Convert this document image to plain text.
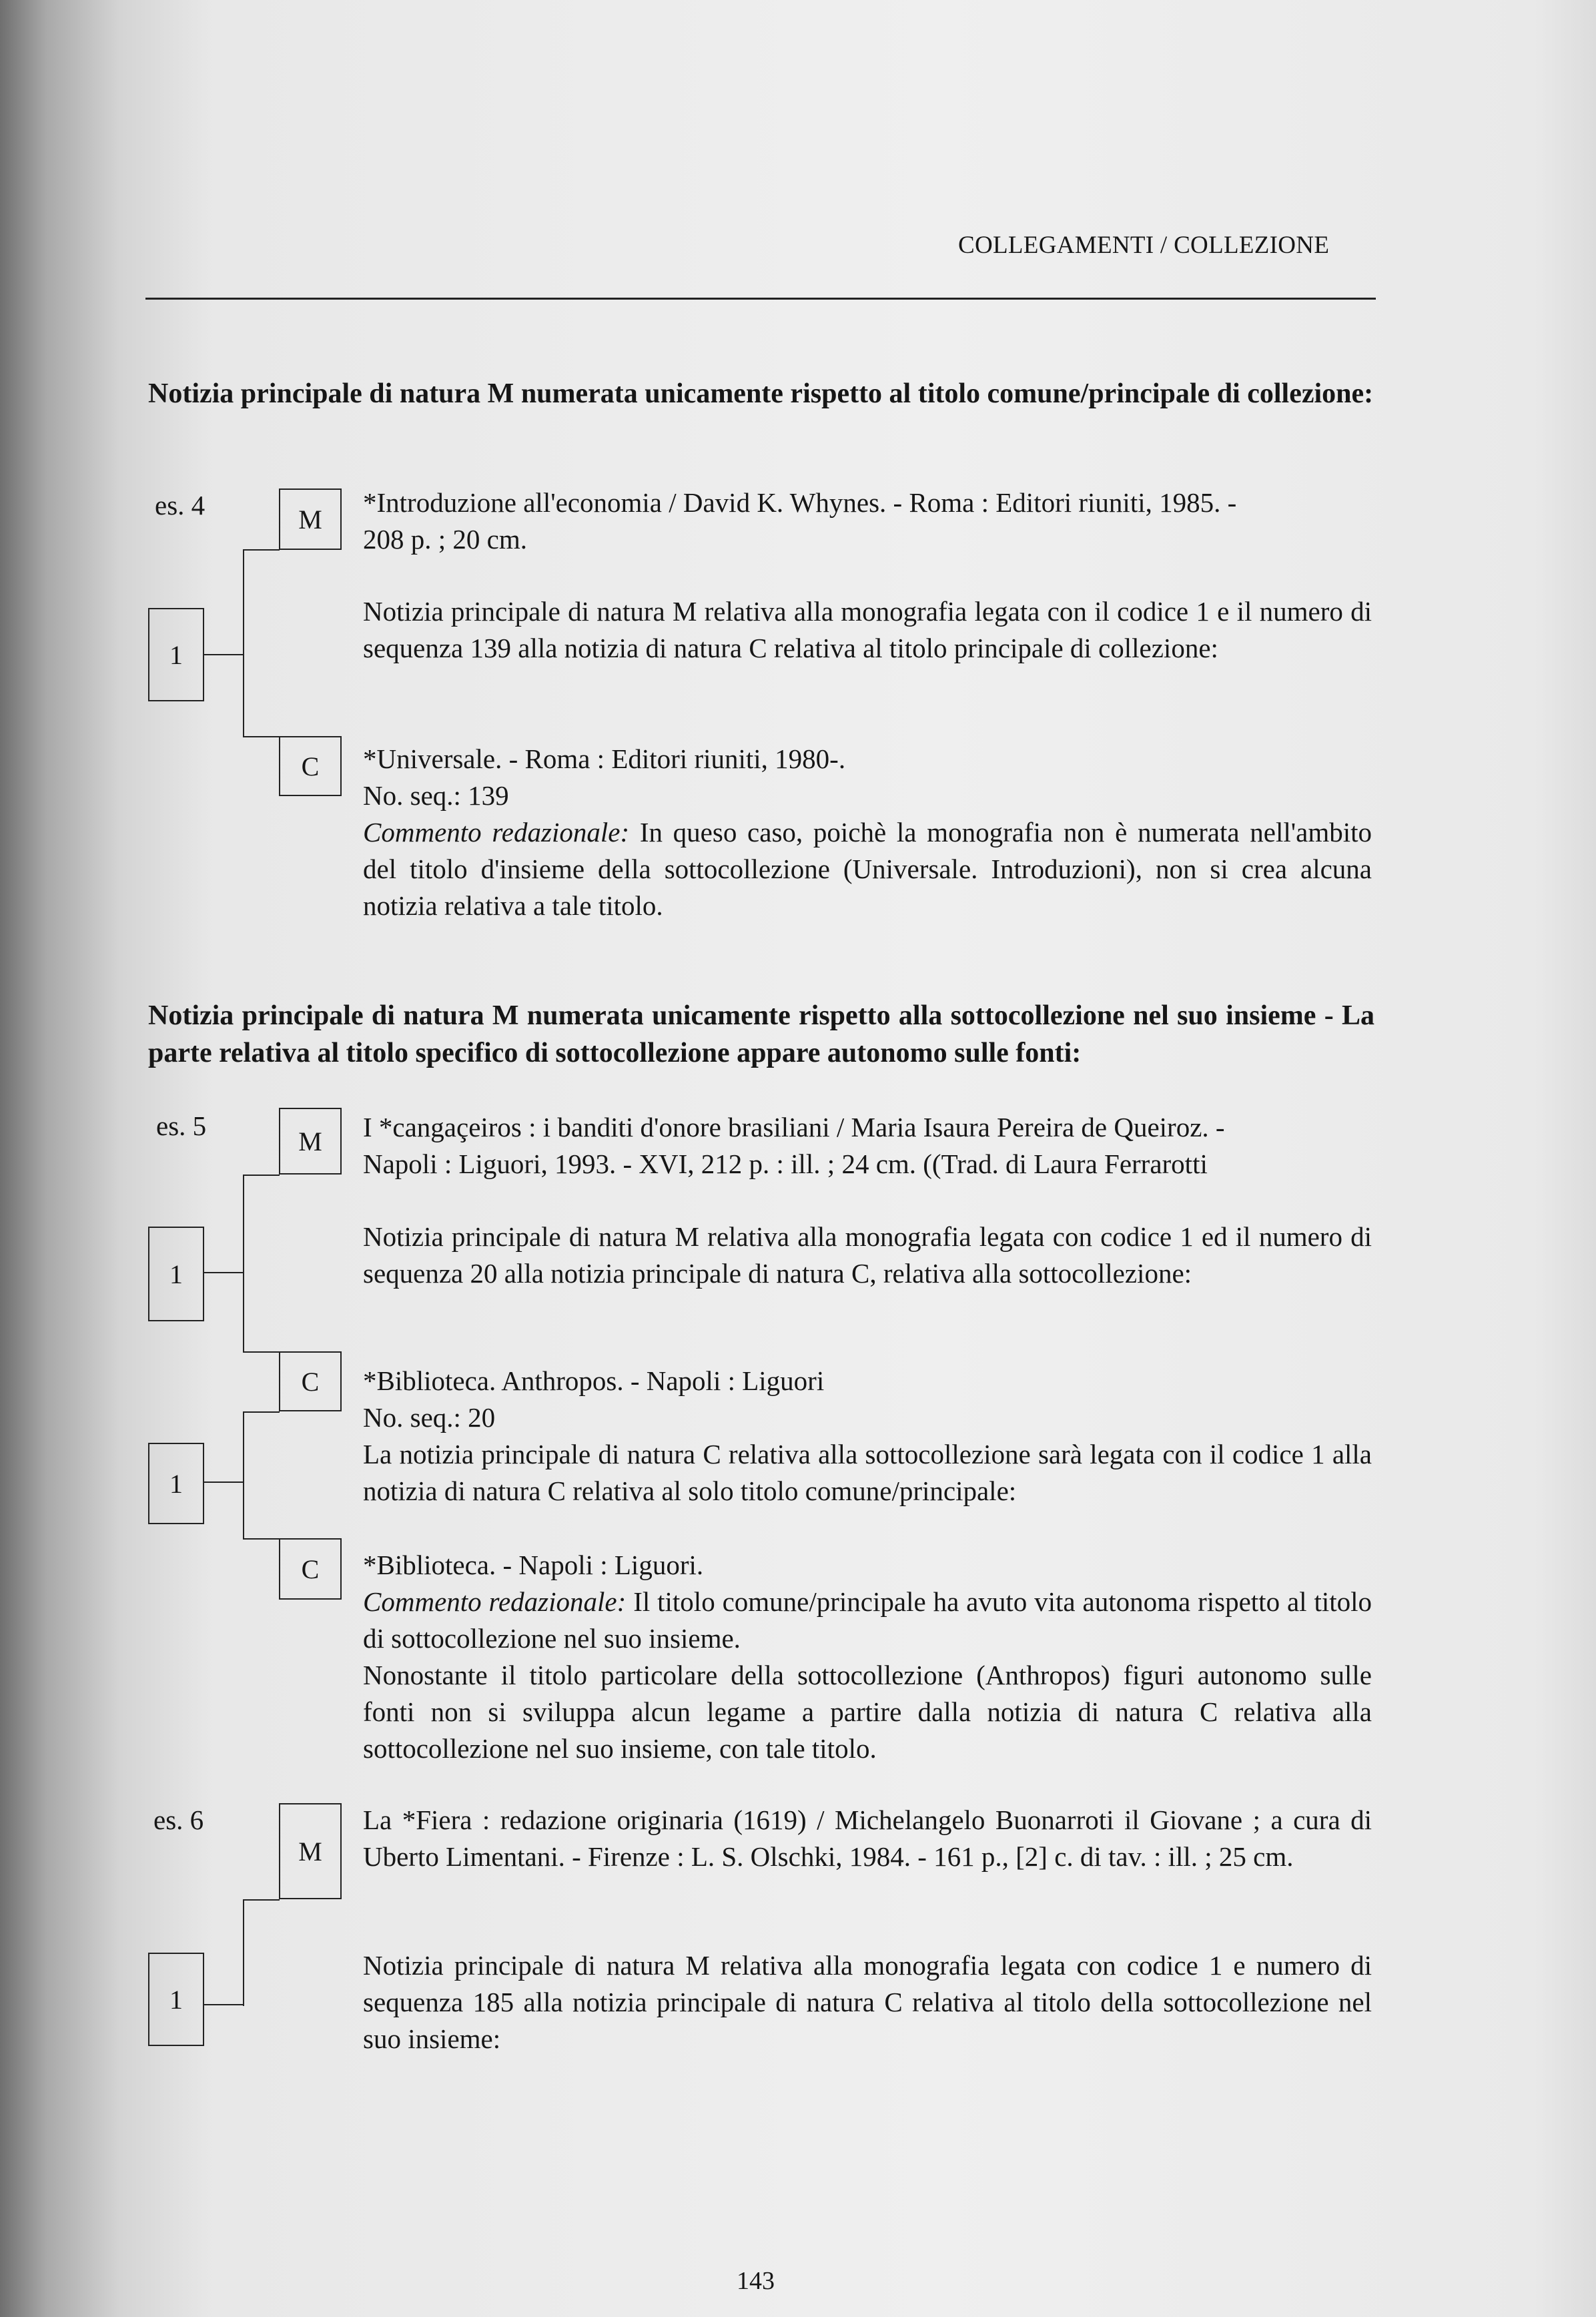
COLLEGAMENTI / COLLEZIONE
Notizia principale di natura M numerata unicamente rispetto al titolo comune/principale di collezione:
es. 4	M
1
C
*Introduzione all'economia / David K. Whynes. - Roma : Editori riuniti, 1985. -
208 p. ; 20 cm.
Notizia principale di natura M relativa alla monografia legata con il codice 1 e il numero di sequenza 139 alla notizia di natura C relativa al titolo principale di collezione:
*Universale. - Roma : Editori riuniti, 1980-.
No. seq.: 139
Commento redazionale: In queso caso, poichè la monografia non è numerata nell'ambito del titolo d'insieme della sottocollezione (Universale. Introduzioni), non si crea alcuna notizia relativa a tale titolo.
Notizia principale di natura M numerata unicamente rispetto alla sottocollezione nel suo insieme - La parte relativa al titolo specifico di sottocollezione appare autonomo sulle fonti:
es. 5	M
1
C
1
C
I *cangaçeiros : i banditi d'onore brasiliani / Maria Isaura Pereira de Queiroz. -
Napoli : Liguori, 1993. - XVI, 212 p. : ill. ; 24 cm. ((Trad. di Laura Ferrarotti
Notizia principale di natura M relativa alla monografia legata con codice 1 ed il numero di sequenza 20 alla notizia principale di natura C, relativa alla sottocollezione:
*Biblioteca. Anthropos. - Napoli : Liguori
No. seq.: 20
La notizia principale di natura C relativa alla sottocollezione sarà legata con il codice 1 alla notizia di natura C relativa al solo titolo comune/principale:
*Biblioteca. - Napoli : Liguori.
Commento redazionale: Il titolo comune/principale ha avuto vita autonoma rispetto al titolo di sottocollezione nel suo insieme.
Nonostante il titolo particolare della sottocollezione (Anthropos) figuri autonomo sulle fonti non si sviluppa alcun legame a partire dalla notizia di natura C relativa alla sottocollezione nel suo insieme, con tale titolo.
es. 6
M
1
La *Fiera : redazione originaria (1619) / Michelangelo Buonarroti il Giovane ; a cura di Uberto Limentani. - Firenze : L. S. Olschki, 1984. - 161 p., [2] c. di tav. : ill. ; 25 cm.
Notizia principale di natura M relativa alla monografia legata con codice 1 e numero di sequenza 185 alla notizia principale di natura C relativa al titolo della sottocollezione nel suo insieme:
143
